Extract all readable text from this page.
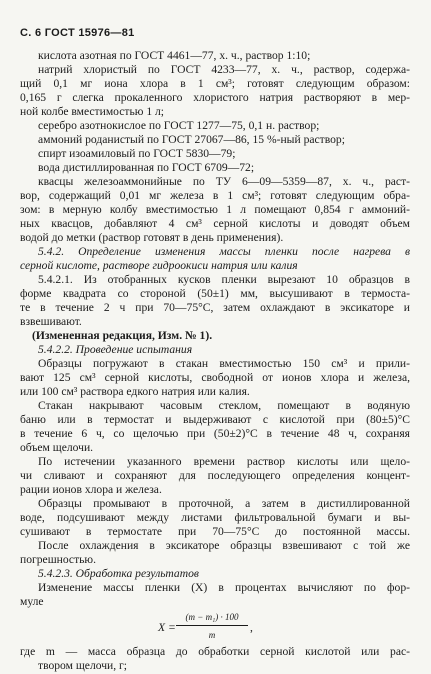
С. 6 ГОСТ 15976—81
кислота азотная по ГОСТ 4461—77, х. ч., раствор 1:10;
натрий хлористый по ГОСТ 4233—77, х. ч., раствор, содержа-
щий 0,1 мг иона хлора в 1 см³; готовят следующим образом:
0,165 г слегка прокаленного хлористого натрия растворяют в мер-
ной колбе вместимостью 1 л;
серебро азотнокислое по ГОСТ 1277—75, 0,1 н. раствор;
аммоний роданистый по ГОСТ 27067—86, 15 %-ный раствор;
спирт изоамиловый по ГОСТ 5830—79;
вода дистиллированная по ГОСТ 6709—72;
квасцы железоаммонийные по ТУ 6—09—5359—87, х. ч., раст-
вор, содержащий 0,01 мг железа в 1 см³; готовят следующим обра-
зом: в мерную колбу вместимостью 1 л помещают 0,854 г аммоний-
ных квасцов, добавляют 4 см³ серной кислоты и доводят объем
водой до метки (раствор готовят в день применения).
5.4.2. Определение изменения массы пленки после нагрева в
серной кислоте, растворе гидроокиси натрия или калия
5.4.2.1. Из отобранных кусков пленки вырезают 10 образцов в
форме квадрата со стороной (50±1) мм, высушивают в термоста-
те в течение 2 ч при 70—75°С, затем охлаждают в эксикаторе и
взвешивают.
(Измененная редакция, Изм. № 1).
5.4.2.2. Проведение испытания
Образцы погружают в стакан вместимостью 150 см³ и прили-
вают 125 см³ серной кислоты, свободной от ионов хлора и железа,
или 100 см³ раствора едкого натрия или калия.
Стакан накрывают часовым стеклом, помещают в водяную
баню или в термостат и выдерживают с кислотой при (80±5)°С
в течение 6 ч, со щелочью при (50±2)°С в течение 48 ч, сохраняя
объем щелочи.
По истечении указанного времени раствор кислоты или щело-
чи сливают и сохраняют для последующего определения концент-
рации ионов хлора и железа.
Образцы промывают в проточной, а затем в дистиллированной
воде, подсушивают между листами фильтровальной бумаги и вы-
сушивают в термостате при 70—75°С до постоянной массы.
После охлаждения в эксикаторе образцы взвешивают с той же
погрешностью.
5.4.2.3. Обработка результатов
Изменение массы пленки (X) в процентах вычисляют по фор-
муле
X =
(m − m₁) · 100
m
,
где m — масса образца до обработки серной кислотой или рас-
твором щелочи, г;
